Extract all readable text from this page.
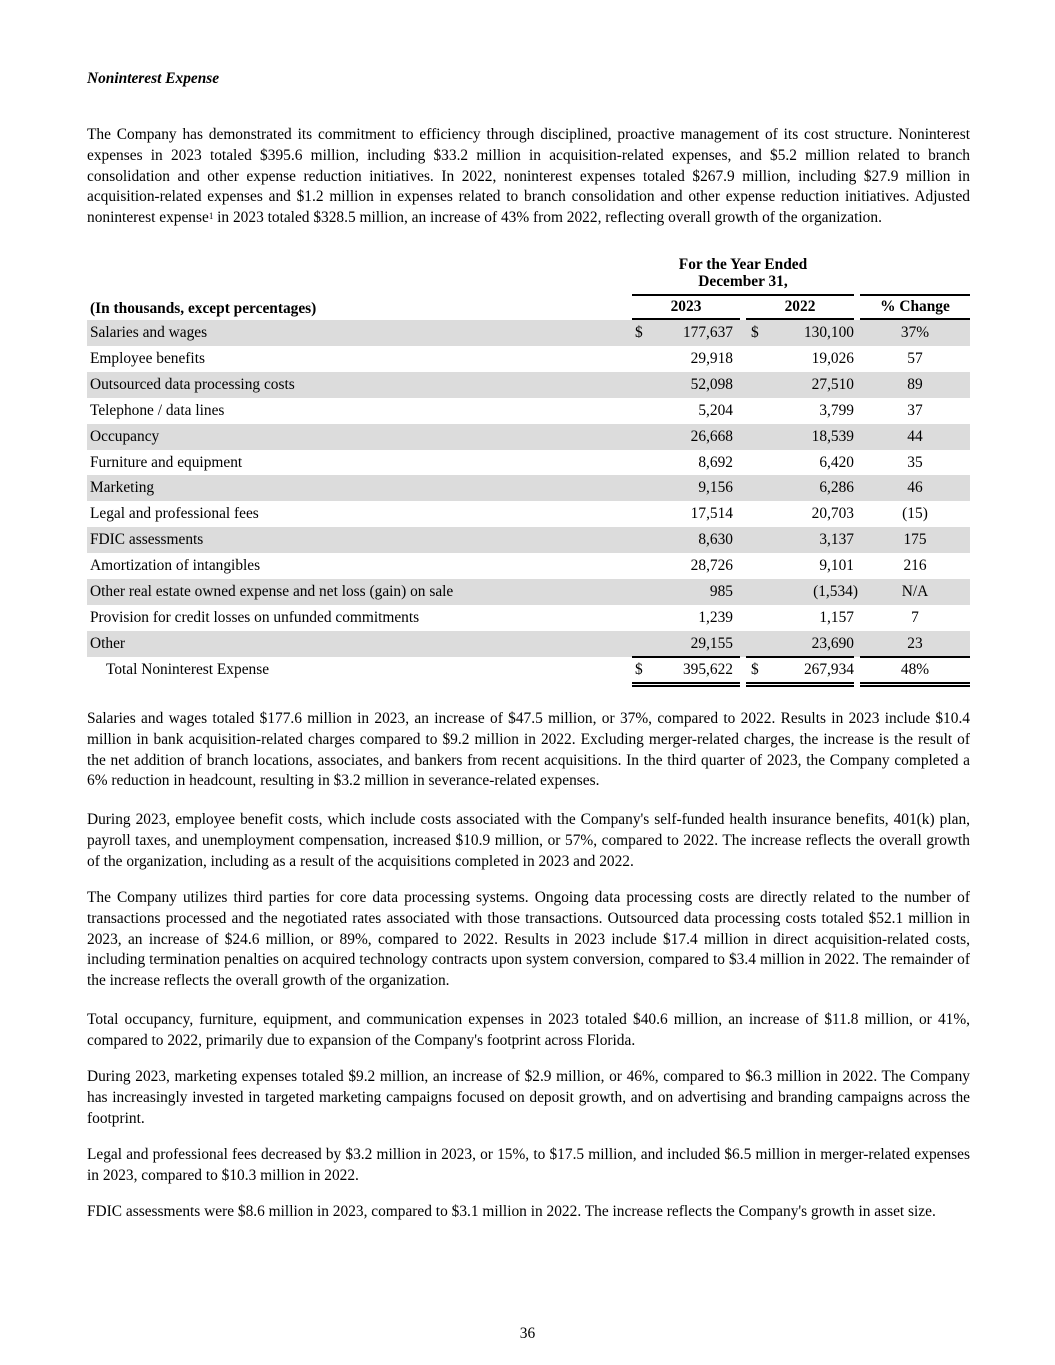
Noninterest Expense

The Company has demonstrated its commitment to efficiency through disciplined, proactive management of its cost structure. Noninterest expenses in 2023 totaled $395.6 million, including $33.2 million in acquisition-related expenses, and $5.2 million related to branch consolidation and other expense reduction initiatives. In 2022, noninterest expenses totaled $267.9 million, including $27.9 million in acquisition-related expenses and $1.2 million in expenses related to branch consolidation and other expense reduction initiatives. Adjusted noninterest expense$^1$ in 2023 totaled $328.5 million, an increase of 43% from 2022, reflecting overall growth of the organization.

For the Year Ended
December 31,
(In thousands, except percentages)	2023	2022	% Change
Salaries and wages	$	177,637 $	130,100	37%
Employee benefits	29,918	19,026	57
Outsourced data processing costs	52,098	27,510	89
Telephone / data lines	5,204	3,799	37
Occupancy	26,668	18,539	44
Furniture and equipment	8,692	6,420	35
Marketing	9,156	6,286	46
Legal and professional fees	17,514	20,703	(15)
FDIC assessments	8,630	3,137	175
Amortization of intangibles	28,726	9,101	216
Other real estate owned expense and net loss (gain) on sale	985	(1,534)	N/A
Provision for credit losses on unfunded commitments	1,239	1,157	7
Other	29,155	23,690	23
Total Noninterest Expense	$	395,622 $	267,934	48%

Salaries and wages totaled $177.6 million in 2023, an increase of $47.5 million, or 37%, compared to 2022. Results in 2023 include $10.4 million in bank acquisition-related charges compared to $9.2 million in 2022. Excluding merger-related charges, the increase is the result of the net addition of branch locations, associates, and bankers from recent acquisitions. In the third quarter of 2023, the Company completed a 6% reduction in headcount, resulting in $3.2 million in severance-related expenses.

During 2023, employee benefit costs, which include costs associated with the Company's self-funded health insurance benefits, 401(k) plan, payroll taxes, and unemployment compensation, increased $10.9 million, or 57%, compared to 2022. The increase reflects the overall growth of the organization, including as a result of the acquisitions completed in 2023 and 2022.

The Company utilizes third parties for core data processing systems. Ongoing data processing costs are directly related to the number of transactions processed and the negotiated rates associated with those transactions. Outsourced data processing costs totaled $52.1 million in 2023, an increase of $24.6 million, or 89%, compared to 2022. Results in 2023 include $17.4 million in direct acquisition-related costs, including termination penalties on acquired technology contracts upon system conversion, compared to $3.4 million in 2022. The remainder of the increase reflects the overall growth of the organization.

Total occupancy, furniture, equipment, and communication expenses in 2023 totaled $40.6 million, an increase of $11.8 million, or 41%, compared to 2022, primarily due to expansion of the Company's footprint across Florida.

During 2023, marketing expenses totaled $9.2 million, an increase of $2.9 million, or 46%, compared to $6.3 million in 2022. The Company has increasingly invested in targeted marketing campaigns focused on deposit growth, and on advertising and branding campaigns across the footprint.

Legal and professional fees decreased by $3.2 million in 2023, or 15%, to $17.5 million, and included $6.5 million in merger-related expenses in 2023, compared to $10.3 million in 2022.

FDIC assessments were $8.6 million in 2023, compared to $3.1 million in 2022. The increase reflects the Company's growth in asset size.

36
